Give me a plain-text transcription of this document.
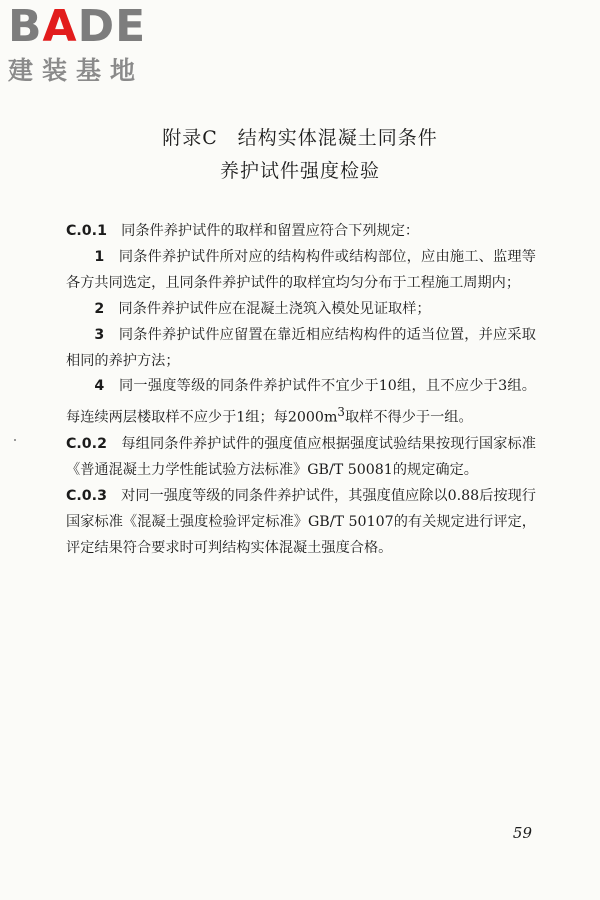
BADE
建装基地
附录C　结构实体混凝土同条件
养护试件强度检验

C.0.1　 同条件养护试件的取样和留置应符合下列规定：

1　 同条件养护试件所对应的结构构件或结构部位，应由施工、监理等各方共同选定，且同条件养护试件的取样宜均匀分布于工程施工周期内；

2　 同条件养护试件应在混凝土浇筑入模处见证取样；

3　 同条件养护试件应留置在靠近相应结构构件的适当位置，并应采取相同的养护方法；

4　 同一强度等级的同条件养护试件不宜少于10组，且不应少于3组。每连续两层楼取样不应少于1组；每$2000m^3$取样不得少于一组。

C.0.2　 每组同条件养护试件的强度值应根据强度试验结果按现行国家标准《普通混凝土力学性能试验方法标准》GB/T 50081的规定确定。

C.0.3　 对同一强度等级的同条件养护试件，其强度值应除以0.88后按现行国家标准《混凝土强度检验评定标准》GB/T 50107的有关规定进行评定，评定结果符合要求时可判结构实体混凝土强度合格。

59
